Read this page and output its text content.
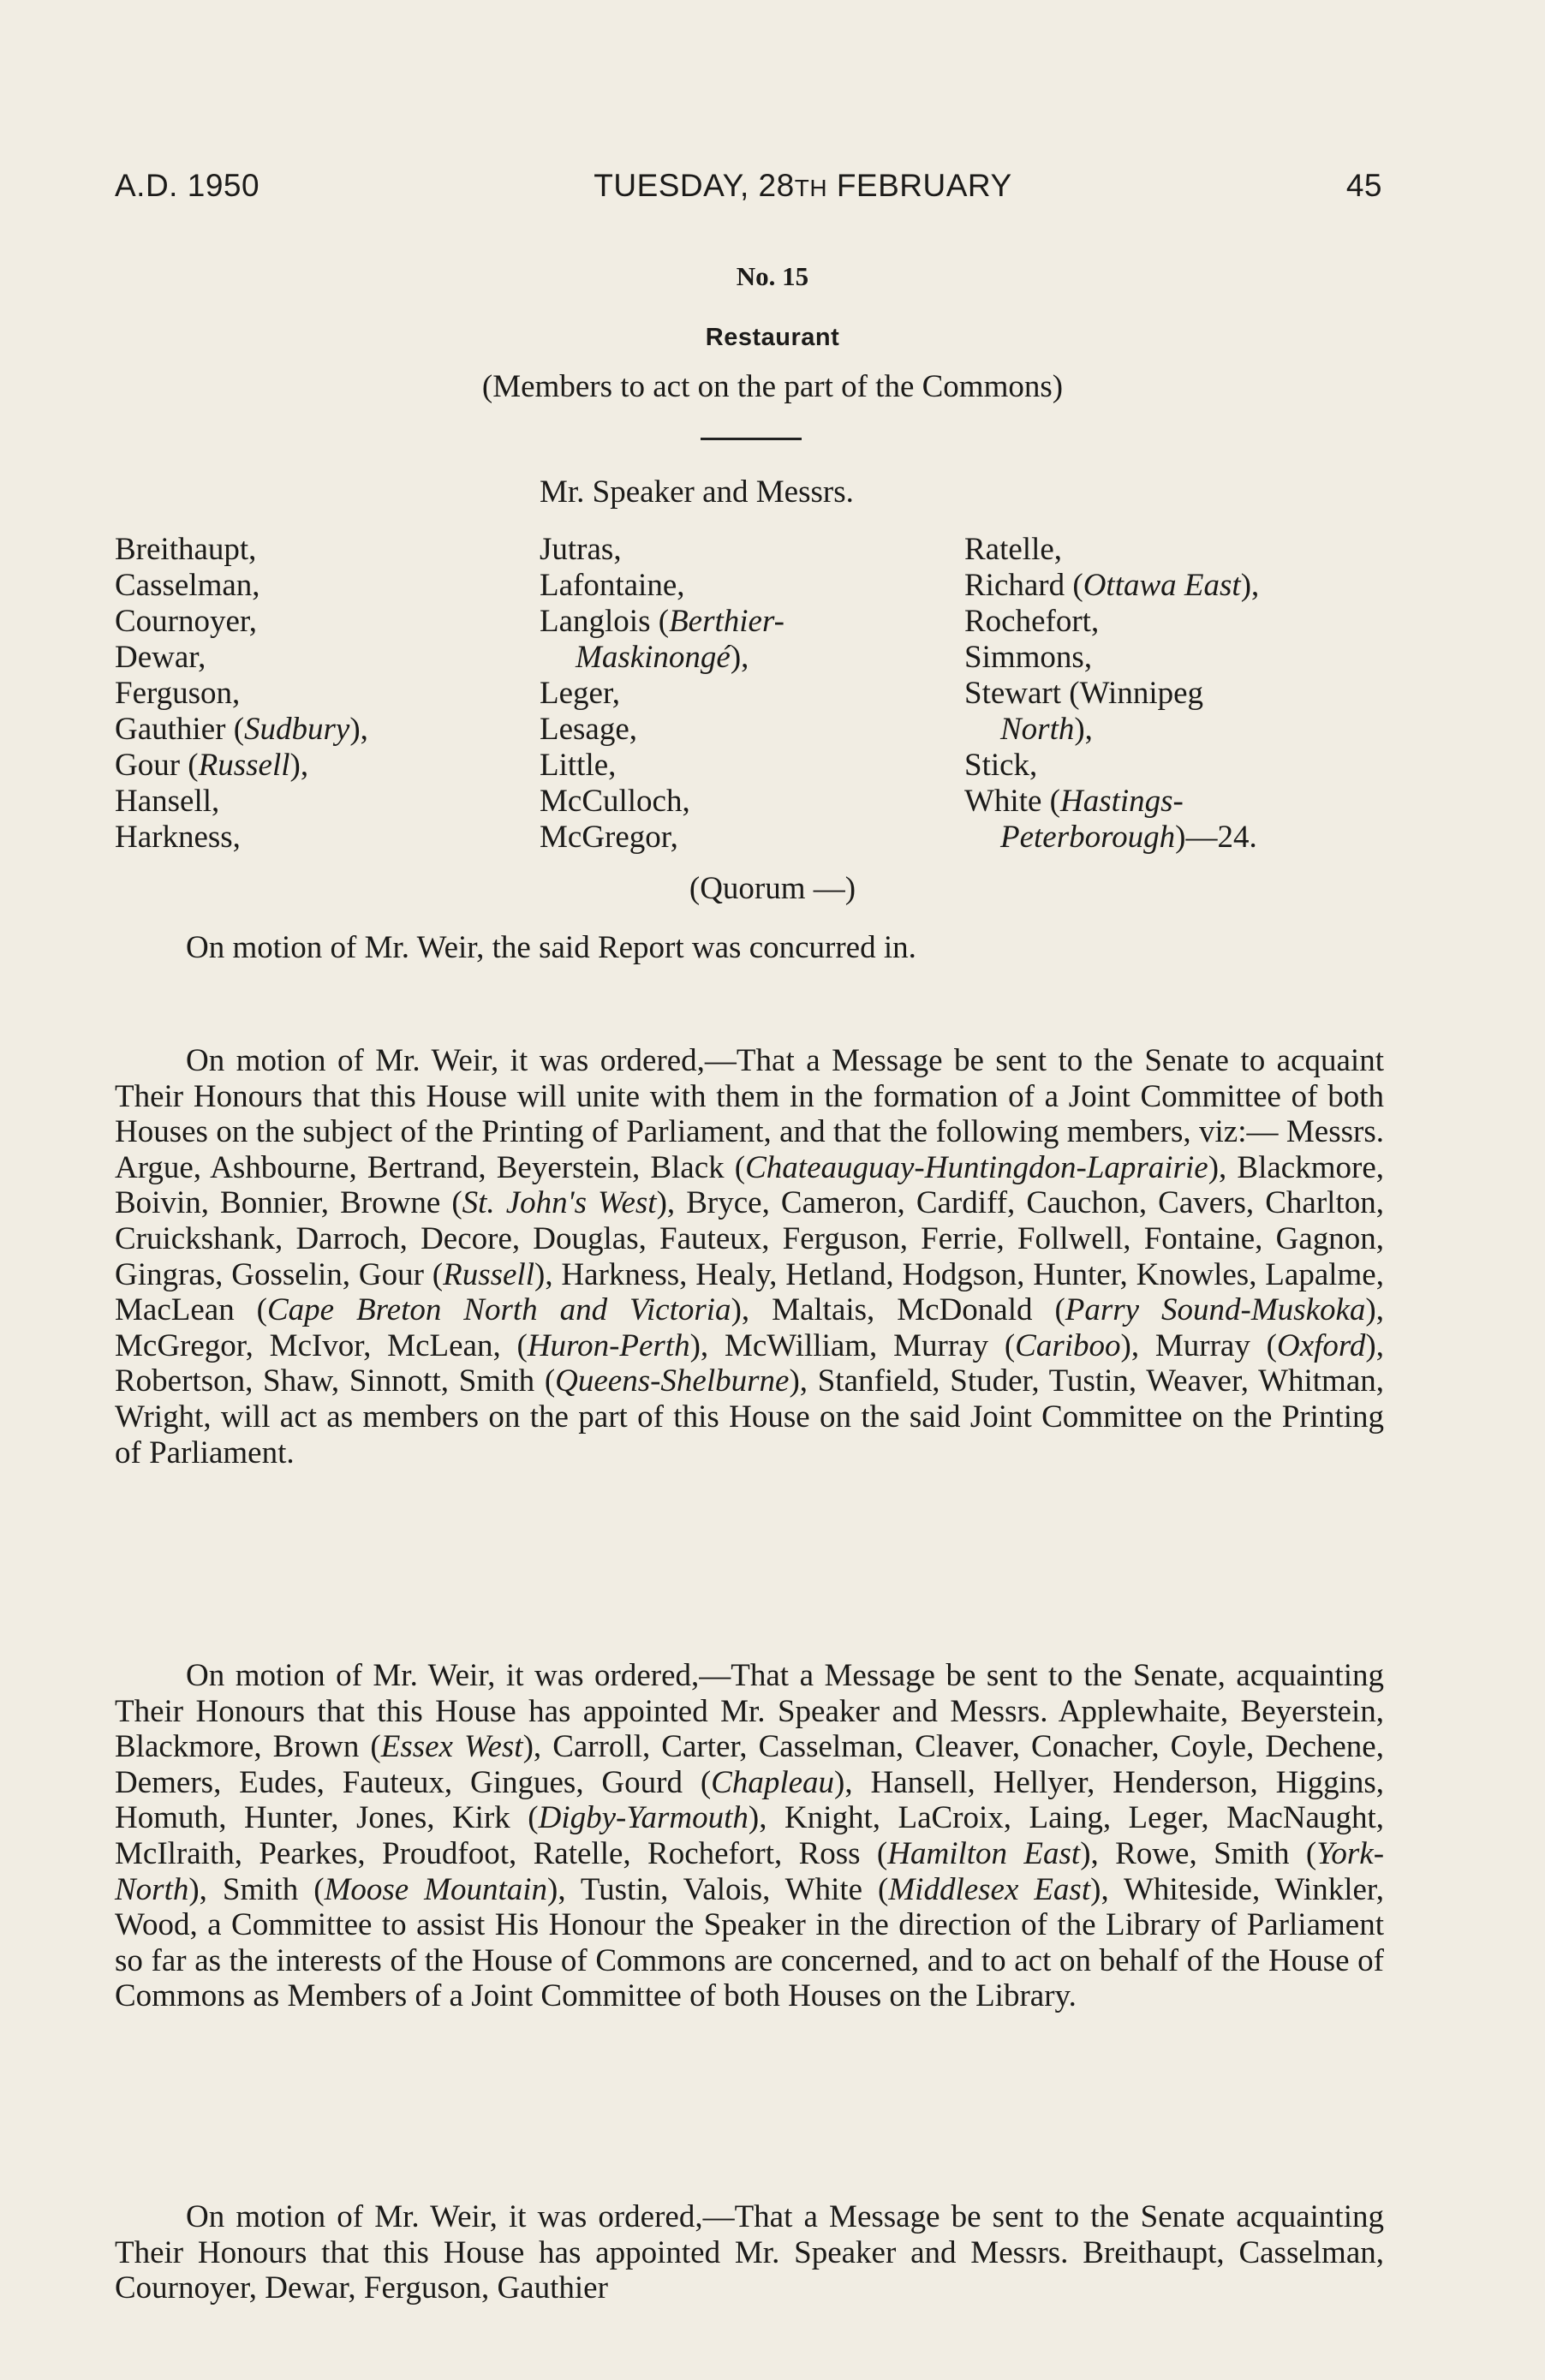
A.D. 1950	TUESDAY, 28TH FEBRUARY	45
No. 15
Restaurant
(Members to act on the part of the Commons)
Mr. Speaker and Messrs.
Breithaupt,
Casselman,
Cournoyer,
Dewar,
Ferguson,
Gauthier (Sudbury),
Gour (Russell),
Hansell,
Harkness,
Jutras,
Lafontaine,
Langlois (Berthier-
Maskinongé),
Leger,
Lesage,
Little,
McCulloch,
McGregor,
Ratelle,
Richard (Ottawa East),
Rochefort,
Simmons,
Stewart (Winnipeg
North),
Stick,
White (Hastings-
Peterborough)—24.
(Quorum —)
On motion of Mr. Weir, the said Report was concurred in.
On motion of Mr. Weir, it was ordered,—That a Message be sent to the Senate to acquaint Their Honours that this House will unite with them in the formation of a Joint Committee of both Houses on the subject of the Printing of Parliament, and that the following members, viz:— Messrs. Argue, Ashbourne, Bertrand, Beyerstein, Black (Chateauguay-Huntingdon-Laprairie), Blackmore, Boivin, Bonnier, Browne (St. John's West), Bryce, Cameron, Cardiff, Cauchon, Cavers, Charlton, Cruickshank, Darroch, Decore, Douglas, Fauteux, Ferguson, Ferrie, Follwell, Fontaine, Gagnon, Gingras, Gosselin, Gour (Russell), Harkness, Healy, Hetland, Hodgson, Hunter, Knowles, Lapalme, MacLean (Cape Breton North and Victoria), Maltais, McDonald (Parry Sound-Muskoka), McGregor, McIvor, McLean, (Huron-Perth), McWilliam, Murray (Cariboo), Murray (Oxford), Robertson, Shaw, Sinnott, Smith (Queens-Shelburne), Stanfield, Studer, Tustin, Weaver, Whitman, Wright, will act as members on the part of this House on the said Joint Committee on the Printing of Parliament.
On motion of Mr. Weir, it was ordered,—That a Message be sent to the Senate, acquainting Their Honours that this House has appointed Mr. Speaker and Messrs. Applewhaite, Beyerstein, Blackmore, Brown (Essex West), Carroll, Carter, Casselman, Cleaver, Conacher, Coyle, Dechene, Demers, Eudes, Fauteux, Gingues, Gourd (Chapleau), Hansell, Hellyer, Henderson, Higgins, Homuth, Hunter, Jones, Kirk (Digby-Yarmouth), Knight, LaCroix, Laing, Leger, MacNaught, McIlraith, Pearkes, Proudfoot, Ratelle, Rochefort, Ross (Hamilton East), Rowe, Smith (York-North), Smith (Moose Mountain), Tustin, Valois, White (Middlesex East), Whiteside, Winkler, Wood, a Committee to assist His Honour the Speaker in the direction of the Library of Parliament so far as the interests of the House of Commons are concerned, and to act on behalf of the House of Commons as Members of a Joint Committee of both Houses on the Library.
On motion of Mr. Weir, it was ordered,—That a Message be sent to the Senate acquainting Their Honours that this House has appointed Mr. Speaker and Messrs. Breithaupt, Casselman, Cournoyer, Dewar, Ferguson, Gauthier
